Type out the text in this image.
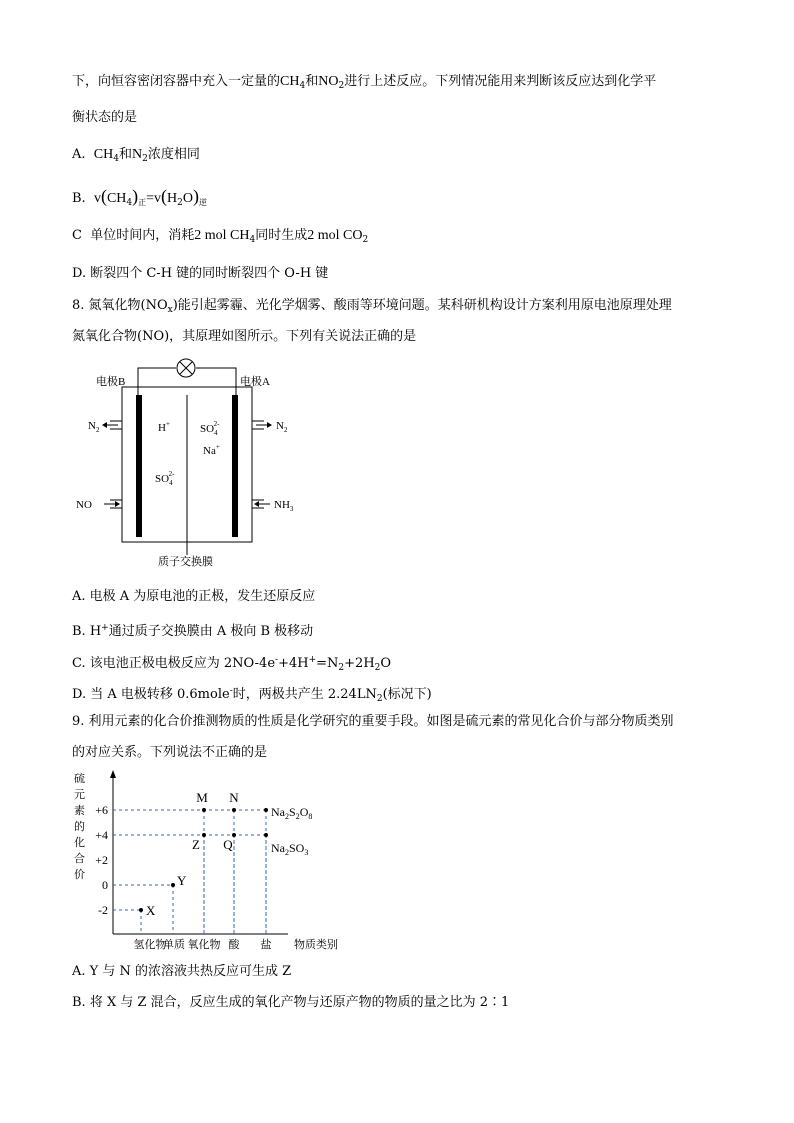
下，向恒容密闭容器中充入一定量的$CH_4$和$NO_2$进行上述反应。下列情况能用来判断该反应达到化学平
衡状态的是
A. $CH_4$和$N_2$浓度相同
B. $v(CH_4)_正=v(H_2O)_逆$
C 单位时间内，消耗2 mol $CH_4$同时生成2 mol $CO_2$
D. 断裂四个 C-H 键的同时断裂四个 O-H 键
8. 氮氧化物$(NO_x)$能引起雾霾、光化学烟雾、酸雨等环境问题。某科研机构设计方案利用原电池原理处理
氮氧化合物(NO)，其原理如图所示。下列有关说法正确的是
电极B	电极A
$N_2$	$N_2$
NO	$NH_3$
H+
$SO_42-$
$SO_42-$
Na+
质子交换膜
A. 电极 A 为原电池的正极，发生还原反应
B. H+通过质子交换膜由 A 极向 B 极移动
C. 该电池正极电极反应为 $2NO-4e^-+4H^+=N_2+2H_2O$
D. 当 A 电极转移 0.6mole-时，两极共产生 $2.24LN_2$(标况下)
9. 利用元素的化合价推测物质的性质是化学研究的重要手段。如图是硫元素的常见化合价与部分物质类别
的对应关系。下列说法不正确的是
硫
元
素
的
化
合
价
+6
+4
+2
0
-2	X
Y
M
Z
N
Q
氢化物
单质 氧化物 酸 盐 物质类别
$Na_2S_2O_8$
$Na_2SO_3$
A. Y 与 N 的浓溶液共热反应可生成 Z
B. 将 X 与 Z 混合，反应生成的氧化产物与还原产物的物质的量之比为 2∶1
